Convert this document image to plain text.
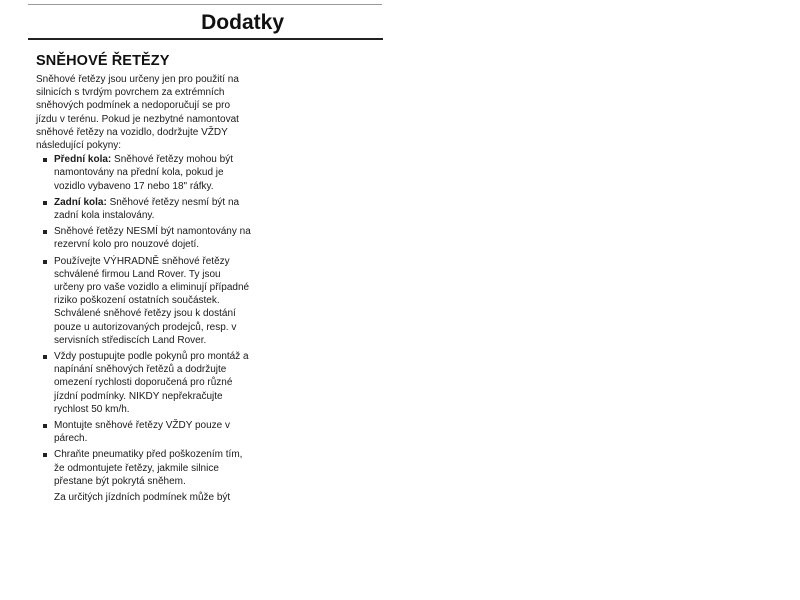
Dodatky
SNĚHOVÉ ŘETĚZY

Sněhové řetězy jsou určeny jen pro použití na silnicích s tvrdým povrchem za extrémních sněhových podmínek a nedoporučují se pro jízdu v terénu. Pokud je nezbytné namontovat sněhové řetězy na vozidlo, dodržujte VŽDY následující pokyny:

Přední kola: Sněhové řetězy mohou být namontovány na přední kola, pokud je vozidlo vybaveno 17 nebo 18" ráfky.
Zadní kola: Sněhové řetězy nesmí být na zadní kola instalovány.
Sněhové řetězy NESMÍ být namontovány na rezervní kolo pro nouzové dojetí.
Používejte VÝHRADNĚ sněhové řetězy schválené firmou Land Rover. Ty jsou určeny pro vaše vozidlo a eliminují případné riziko poškození ostatních součástek. Schválené sněhové řetězy jsou k dostání pouze u autorizovaných prodejců, resp. v servisních střediscích Land Rover.
Vždy postupujte podle pokynů pro montáž a napínání sněhových řetězů a dodržujte omezení rychlosti doporučená pro různé jízdní podmínky. NIKDY nepřekračujte rychlost 50 km/h.
Montujte sněhové řetězy VŽDY pouze v párech.
Chraňte pneumatiky před poškozením tím, že odmontujete řetězy, jakmile silnice přestane být pokrytá sněhem.

Za určitých jízdních podmínek může být
